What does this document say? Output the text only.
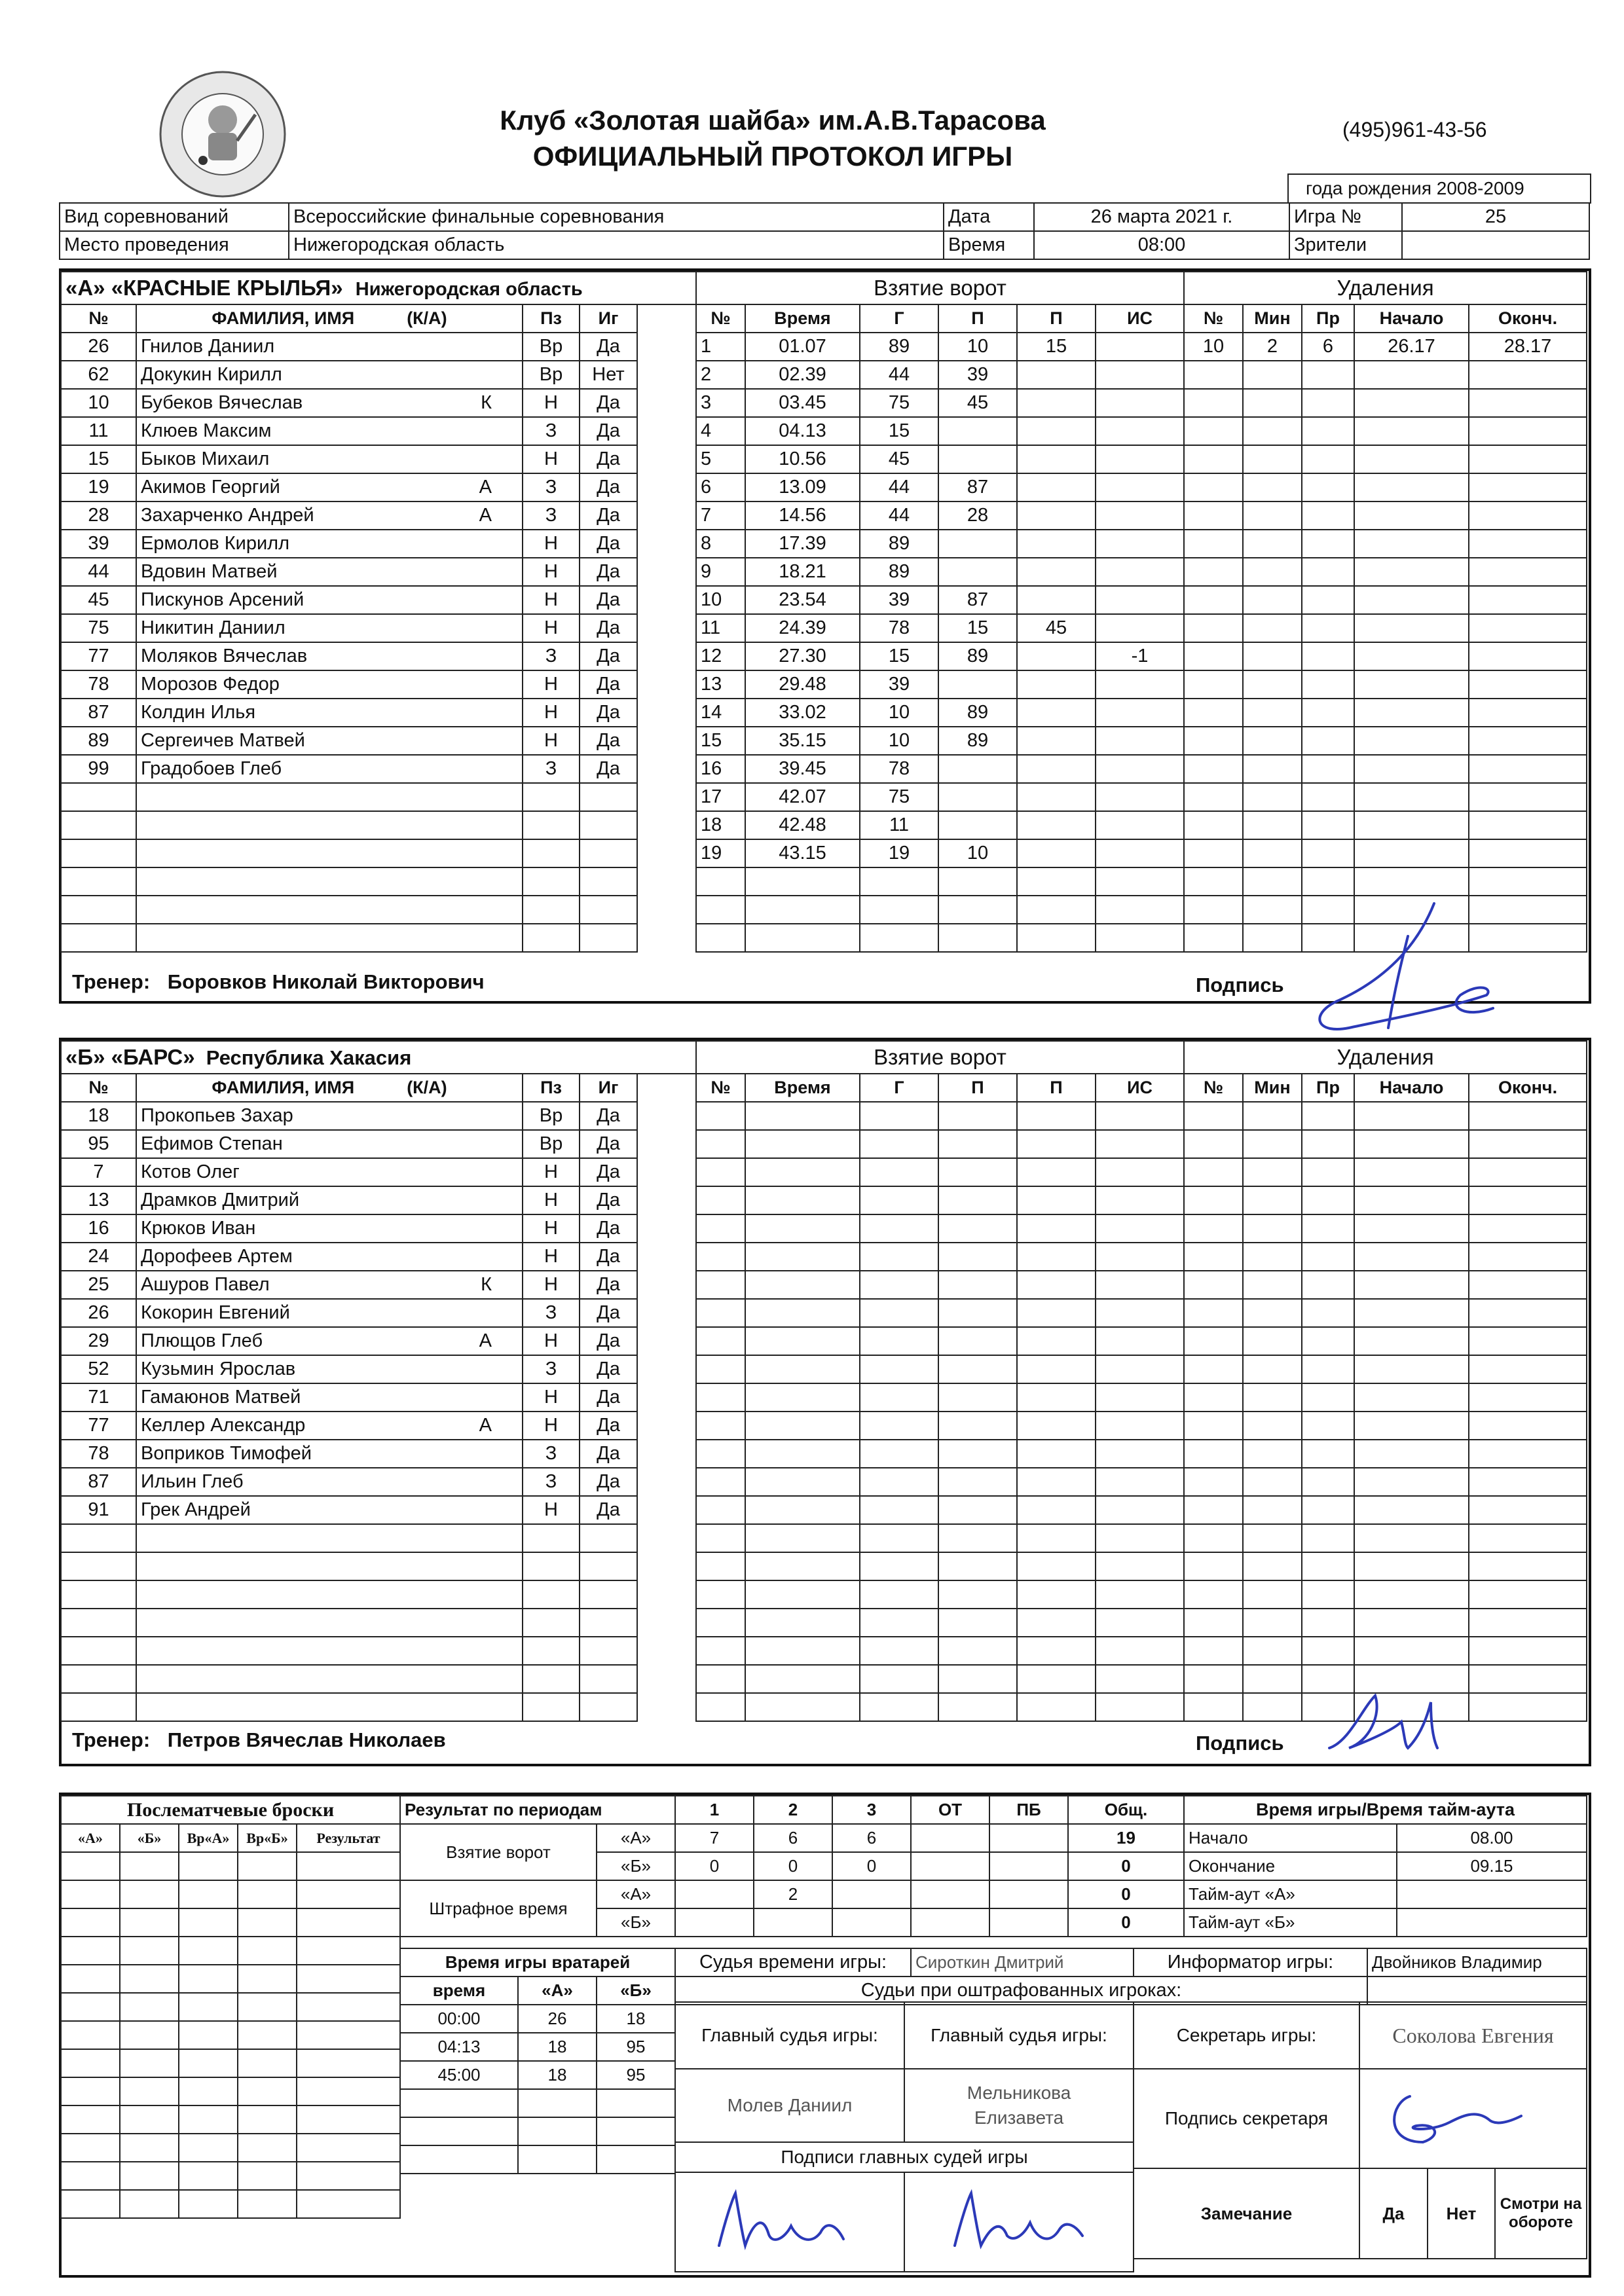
Клуб «Золотая шайба» им.А.В.Тарасова
ОФИЦИАЛЬНЫЙ ПРОТОКОЛ ИГРЫ
(495)961-43-56
года рождения 2008-2009
Вид соревнований	Всероссийские финальные соревнования	Дата	26 марта 2021 г.	Игра №	25
Место проведения	Нижегородская область	Время	08:00	Зрители	
«А» «КРАСНЫЕ КРЫЛЬЯ» Нижегородская область			
№	ФАМИЛИЯ, ИМЯ (К/А)	Пз	Иг
26	Гнилов Даниил	Вр	Да
62	Докукин Кирилл	Вр	Нет
10	Бубеков Вячеслав К	Н	Да
11	Клюев Максим	З	Да
15	Быков Михаил	Н	Да
19	Акимов Георгий А	З	Да
28	Захарченко Андрей А	З	Да
39	Ермолов Кирилл	Н	Да
44	Вдовин Матвей	Н	Да
45	Пискунов Арсений	Н	Да
75	Никитин Даниил	Н	Да
77	Моляков Вячеслав	З	Да
78	Морозов Федор	Н	Да
87	Колдин Илья	Н	Да
89	Сергеичев Матвей	Н	Да
99	Градобоев Глеб	З	Да

Взятие ворот					
№	Время	Г	П	П	ИС
1	01.07	89	10	15	
2	02.39	44	39		
3	03.45	75	45		
4	04.13	15			
5	10.56	45			
6	13.09	44	87		
7	14.56	44	28		
8	17.39	89			
9	18.21	89			
10	23.54	39	87		
11	24.39	78	15	45	
12	27.30	15	89		-1
13	29.48	39			
14	33.02	10	89		
15	35.15	10	89		
16	39.45	78			
17	42.07	75			
18	42.48	11			
19	43.15	19	10		

Удаления				
№	Мин	Пр	Начало	Оконч.
10	2	6	26.17	28.17

Тренер: Боровков Николай Викторович	Подпись
«Б» «БАРС» Республика Хакасия			
№	ФАМИЛИЯ, ИМЯ (К/А)	Пз	Иг
18	Прокопьев Захар	Вр	Да
95	Ефимов Степан	Вр	Да
7	Котов Олег	Н	Да
13	Драмков Дмитрий	Н	Да
16	Крюков Иван	Н	Да
24	Дорофеев Артем	Н	Да
25	Ашуров Павел К	Н	Да
26	Кокорин Евгений	З	Да
29	Плющов Глеб А	Н	Да
52	Кузьмин Ярослав	З	Да
71	Гамаюнов Матвей	Н	Да
77	Келлер Александр А	Н	Да
78	Воприков Тимофей	З	Да
87	Ильин Глеб	З	Да
91	Грек Андрей	Н	Да

Взятие ворот					
№	Время	Г	П	П	ИС

Удаления				
№	Мин	Пр	Начало	Оконч.

Тренер: Петров Вячеслав Николаев	Подпись
Послематчевые броски				
«А»	«Б»	Вр«А»	Вр«Б»	Результат

Результат по периодам		1	2	3	ОТ	ПБ	Общ.
Взятие ворот	«А»	7	6	6			19
	«Б»	0	0	0			0
Штрафное время	«А»		2				0
	«Б»						0
Время игры/Время тайм-аута	
Начало	08.00
Окончание	09.15
Тайм-аут «А»	
Тайм-аут «Б»	
Время игры вратарей		
время	«А»	«Б»
00:00	26	18
04:13	18	95
45:00	18	95

Судья времени игры:	Сироткин Дмитрий	Информатор игры:	Двойников Владимир
Судьи при оштрафованных игроках:			
Главный судья игры:	Главный судья игры:
Молев Даниил	Мельникова
Елизавета

Подписи главных судей игры	

Секретарь игры:	Соколова Евгения		
Подпись секретаря	
Замечание	Да	Нет	Смотри на обороте
